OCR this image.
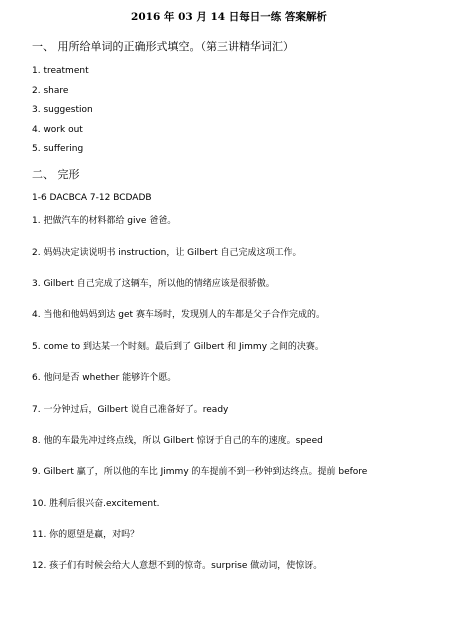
2016 年 03 月 14 日每日一练 答案解析
一、 用所给单词的正确形式填空。（第三讲精华词汇）
1. treatment
2. share
3. suggestion
4. work out
5. suffering
二、 完形
1-6 DACBCA 7-12 BCDADB
1. 把做汽车的材料都给 give 爸爸。
2. 妈妈决定读说明书 instruction，让 Gilbert 自己完成这项工作。
3. Gilbert 自己完成了这辆车，所以他的情绪应该是很骄傲。
4. 当他和他妈妈到达 get 赛车场时，发现别人的车都是父子合作完成的。
5. come to 到达某一个时刻。最后到了 Gilbert 和 Jimmy 之间的决赛。
6. 他问是否 whether 能够许个愿。
7. 一分钟过后，Gilbert 说自己准备好了。ready
8. 他的车最先冲过终点线，所以 Gilbert 惊讶于自己的车的速度。speed
9. Gilbert 赢了，所以他的车比 Jimmy 的车提前不到一秒钟到达终点。提前 before
10. 胜利后很兴奋.excitement.
11. 你的愿望是赢，对吗？
12. 孩子们有时候会给大人意想不到的惊奇。surprise 做动词，使惊讶。
